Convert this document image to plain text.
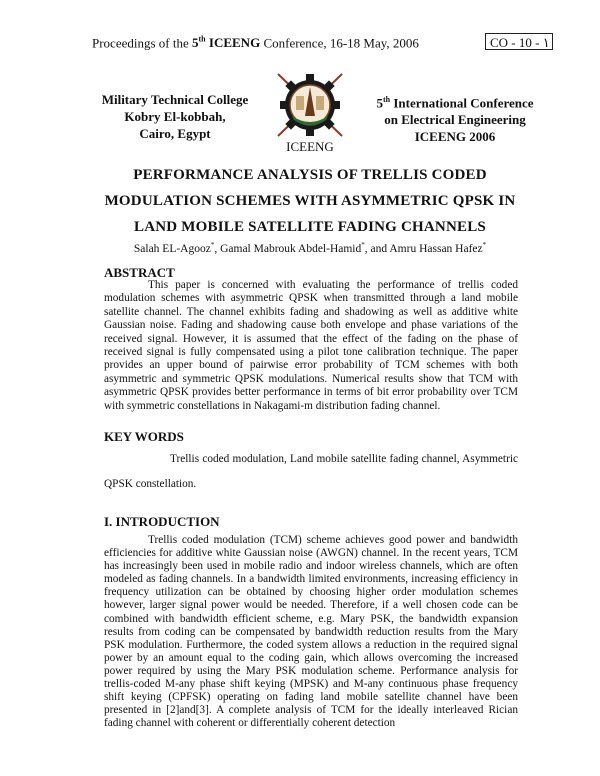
Proceedings of the 5th ICEENG Conference, 16-18 May, 2006	CO - 10 - ١
Military Technical College
Kobry El-kobbah,
Cairo, Egypt
ICEENG
5th International Conference
on Electrical Engineering
ICEENG 2006
PERFORMANCE ANALYSIS OF TRELLIS CODED
MODULATION SCHEMES WITH ASYMMETRIC QPSK IN
LAND MOBILE SATELLITE FADING CHANNELS
Salah EL-Agooz*, Gamal Mabrouk Abdel-Hamid*, and Amru Hassan Hafez*
ABSTRACT
This paper is concerned with evaluating the performance of trellis coded modulation schemes with asymmetric QPSK when transmitted through a land mobile satellite channel. The channel exhibits fading and shadowing as well as additive white Gaussian noise. Fading and shadowing cause both envelope and phase variations of the received signal. However, it is assumed that the effect of the fading on the phase of received signal is fully compensated using a pilot tone calibration technique. The paper provides an upper bound of pairwise error probability of TCM schemes with both asymmetric and symmetric QPSK modulations. Numerical results show that TCM with asymmetric QPSK provides better performance in terms of bit error probability over TCM with symmetric constellations in Nakagami-m distribution fading channel.
KEY WORDS
Trellis coded modulation, Land mobile satellite fading channel, Asymmetric QPSK constellation.
I. INTRODUCTION
Trellis coded modulation (TCM) scheme achieves good power and bandwidth efficiencies for additive white Gaussian noise (AWGN) channel. In the recent years, TCM has increasingly been used in mobile radio and indoor wireless channels, which are often modeled as fading channels. In a bandwidth limited environments, increasing efficiency in frequency utilization can be obtained by choosing higher order modulation schemes however, larger signal power would be needed. Therefore, if a well chosen code can be combined with bandwidth efficient scheme, e.g. Mary PSK, the bandwidth expansion results from coding can be compensated by bandwidth reduction results from the Mary PSK modulation. Furthermore, the coded system allows a reduction in the required signal power by an amount equal to the coding gain, which allows overcoming the increased power required by using the Mary PSK modulation scheme. Performance analysis for trellis-coded M-any phase shift keying (MPSK) and M-any continuous phase frequency shift keying (CPFSK) operating on fading land mobile satellite channel have been presented in [2]and[3]. A complete analysis of TCM for the ideally interleaved Rician fading channel with coherent or differentially coherent detection
